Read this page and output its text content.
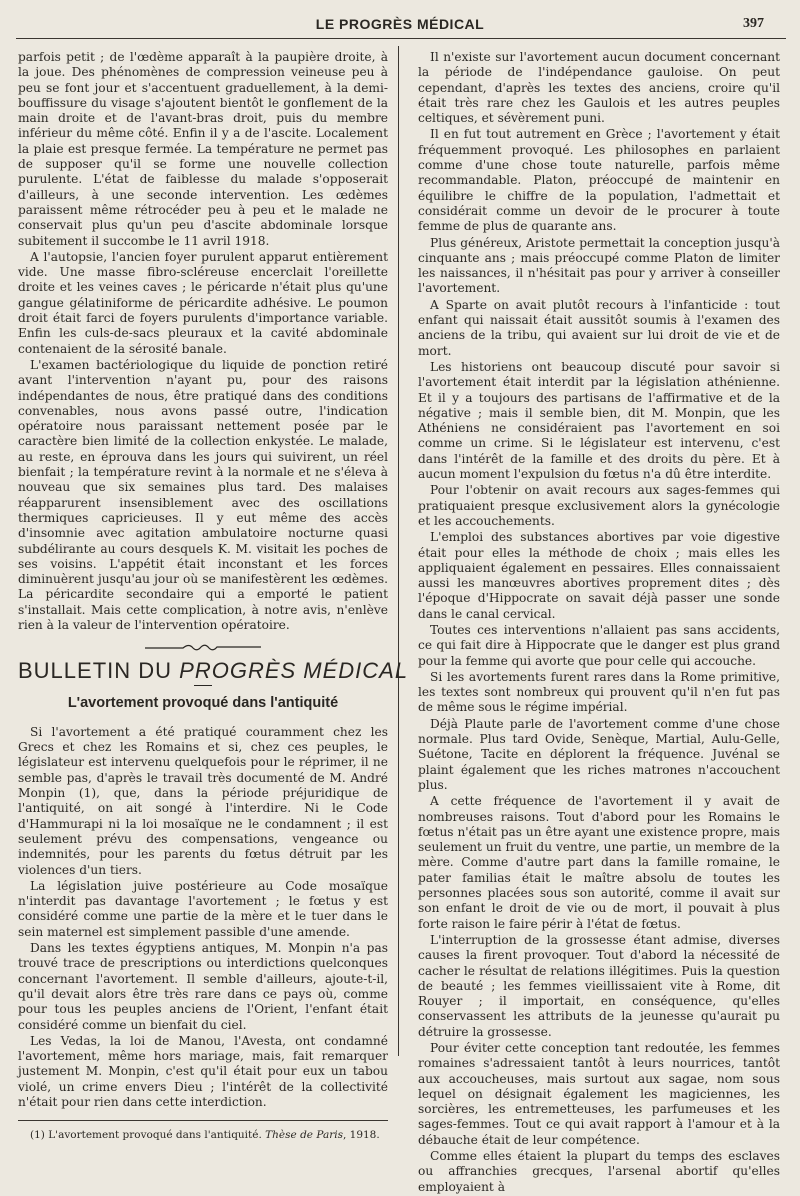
LE PROGRÈS MÉDICAL	397

parfois petit ; de l'œdème apparaît à la paupière droite, à la joue. Des phénomènes de compression veineuse peu à peu se font jour et s'accentuent graduellement, à la demi-bouffissure du visage s'ajoutent bientôt le gonflement de la main droite et de l'avant-bras droit, puis du membre inférieur du même côté. Enfin il y a de l'ascite. Localement la plaie est presque fermée. La température ne permet pas de supposer qu'il se forme une nouvelle collection purulente. L'état de faiblesse du malade s'opposerait d'ailleurs, à une seconde intervention. Les œdèmes paraissent même rétrocéder peu à peu et le malade ne conservait plus qu'un peu d'ascite abdominale lorsque subitement il succombe le 11 avril 1918.

A l'autopsie, l'ancien foyer purulent apparut entièrement vide. Une masse fibro-scléreuse encerclait l'oreillette droite et les veines caves ; le péricarde n'était plus qu'une gangue gélatiniforme de péricardite adhésive. Le poumon droit était farci de foyers purulents d'importance variable. Enfin les culs-de-sacs pleuraux et la cavité abdominale contenaient de la sérosité banale.

L'examen bactériologique du liquide de ponction retiré avant l'intervention n'ayant pu, pour des raisons indépendantes de nous, être pratiqué dans des conditions convenables, nous avons passé outre, l'indication opératoire nous paraissant nettement posée par le caractère bien limité de la collection enkystée. Le malade, au reste, en éprouva dans les jours qui suivirent, un réel bienfait ; la température revint à la normale et ne s'éleva à nouveau que six semaines plus tard. Des malaises réapparurent insensiblement avec des oscillations thermiques capricieuses. Il y eut même des accès d'insomnie avec agitation ambulatoire nocturne quasi subdélirante au cours desquels K. M. visitait les poches de ses voisins. L'appétit était inconstant et les forces diminuèrent jusqu'au jour où se manifestèrent les œdèmes. La péricardite secondaire qui a emporté le patient s'installait. Mais cette complication, à notre avis, n'enlève rien à la valeur de l'intervention opératoire.

BULLETIN DU PROGRÈS MÉDICAL
L'avortement provoqué dans l'antiquité

Si l'avortement a été pratiqué couramment chez les Grecs et chez les Romains et si, chez ces peuples, le législateur est intervenu quelquefois pour le réprimer, il ne semble pas, d'après le travail très documenté de M. André Monpin (1), que, dans la période préjuridique de l'antiquité, on ait songé à l'interdire. Ni le Code d'Hammurapi ni la loi mosaïque ne le condamnent ; il est seulement prévu des compensations, vengeance ou indemnités, pour les parents du fœtus détruit par les violences d'un tiers.

La législation juive postérieure au Code mosaïque n'interdit pas davantage l'avortement ; le fœtus y est considéré comme une partie de la mère et le tuer dans le sein maternel est simplement passible d'une amende.

Dans les textes égyptiens antiques, M. Monpin n'a pas trouvé trace de prescriptions ou interdictions quelconques concernant l'avortement. Il semble d'ailleurs, ajoute-t-il, qu'il devait alors être très rare dans ce pays où, comme pour tous les peuples anciens de l'Orient, l'enfant était considéré comme un bienfait du ciel.

Les Vedas, la loi de Manou, l'Avesta, ont condamné l'avortement, même hors mariage, mais, fait remarquer justement M. Monpin, c'est qu'il était pour eux un tabou violé, un crime envers Dieu ; l'intérêt de la collectivité n'était pour rien dans cette interdiction.

(1) L'avortement provoqué dans l'antiquité. Thèse de Paris, 1918.

Il n'existe sur l'avortement aucun document concernant la période de l'indépendance gauloise. On peut cependant, d'après les textes des anciens, croire qu'il était très rare chez les Gaulois et les autres peuples celtiques, et sévèrement puni.

Il en fut tout autrement en Grèce ; l'avortement y était fréquemment provoqué. Les philosophes en parlaient comme d'une chose toute naturelle, parfois même recommandable. Platon, préoccupé de maintenir en équilibre le chiffre de la population, l'admettait et considérait comme un devoir de le procurer à toute femme de plus de quarante ans.

Plus généreux, Aristote permettait la conception jusqu'à cinquante ans ; mais préoccupé comme Platon de limiter les naissances, il n'hésitait pas pour y arriver à conseiller l'avortement.

A Sparte on avait plutôt recours à l'infanticide : tout enfant qui naissait était aussitôt soumis à l'examen des anciens de la tribu, qui avaient sur lui droit de vie et de mort.

Les historiens ont beaucoup discuté pour savoir si l'avortement était interdit par la législation athénienne. Et il y a toujours des partisans de l'affirmative et de la négative ; mais il semble bien, dit M. Monpin, que les Athéniens ne considéraient pas l'avortement en soi comme un crime. Si le législateur est intervenu, c'est dans l'intérêt de la famille et des droits du père. Et à aucun moment l'expulsion du fœtus n'a dû être interdite.

Pour l'obtenir on avait recours aux sages-femmes qui pratiquaient presque exclusivement alors la gynécologie et les accouchements.

L'emploi des substances abortives par voie digestive était pour elles la méthode de choix ; mais elles les appliquaient également en pessaires. Elles connaissaient aussi les manœuvres abortives proprement dites ; dès l'époque d'Hippocrate on savait déjà passer une sonde dans le canal cervical.

Toutes ces interventions n'allaient pas sans accidents, ce qui fait dire à Hippocrate que le danger est plus grand pour la femme qui avorte que pour celle qui accouche.

Si les avortements furent rares dans la Rome primitive, les textes sont nombreux qui prouvent qu'il n'en fut pas de même sous le régime impérial.

Déjà Plaute parle de l'avortement comme d'une chose normale. Plus tard Ovide, Senèque, Martial, Aulu-Gelle, Suétone, Tacite en déplorent la fréquence. Juvénal se plaint également que les riches matrones n'accouchent plus.

A cette fréquence de l'avortement il y avait de nombreuses raisons. Tout d'abord pour les Romains le fœtus n'était pas un être ayant une existence propre, mais seulement un fruit du ventre, une partie, un membre de la mère. Comme d'autre part dans la famille romaine, le pater familias était le maître absolu de toutes les personnes placées sous son autorité, comme il avait sur son enfant le droit de vie ou de mort, il pouvait à plus forte raison le faire périr à l'état de fœtus.

L'interruption de la grossesse étant admise, diverses causes la firent provoquer. Tout d'abord la nécessité de cacher le résultat de relations illégitimes. Puis la question de beauté ; les femmes vieillissaient vite à Rome, dit Rouyer ; il importait, en conséquence, qu'elles conservassent les attributs de la jeunesse qu'aurait pu détruire la grossesse.

Pour éviter cette conception tant redoutée, les femmes romaines s'adressaient tantôt à leurs nourrices, tantôt aux accoucheuses, mais surtout aux sagae, nom sous lequel on désignait également les magiciennes, les sorcières, les entremetteuses, les parfumeuses et les sages-femmes. Tout ce qui avait rapport à l'amour et à la débauche était de leur compétence.

Comme elles étaient la plupart du temps des esclaves ou affranchies grecques, l'arsenal abortif qu'elles employaient à
